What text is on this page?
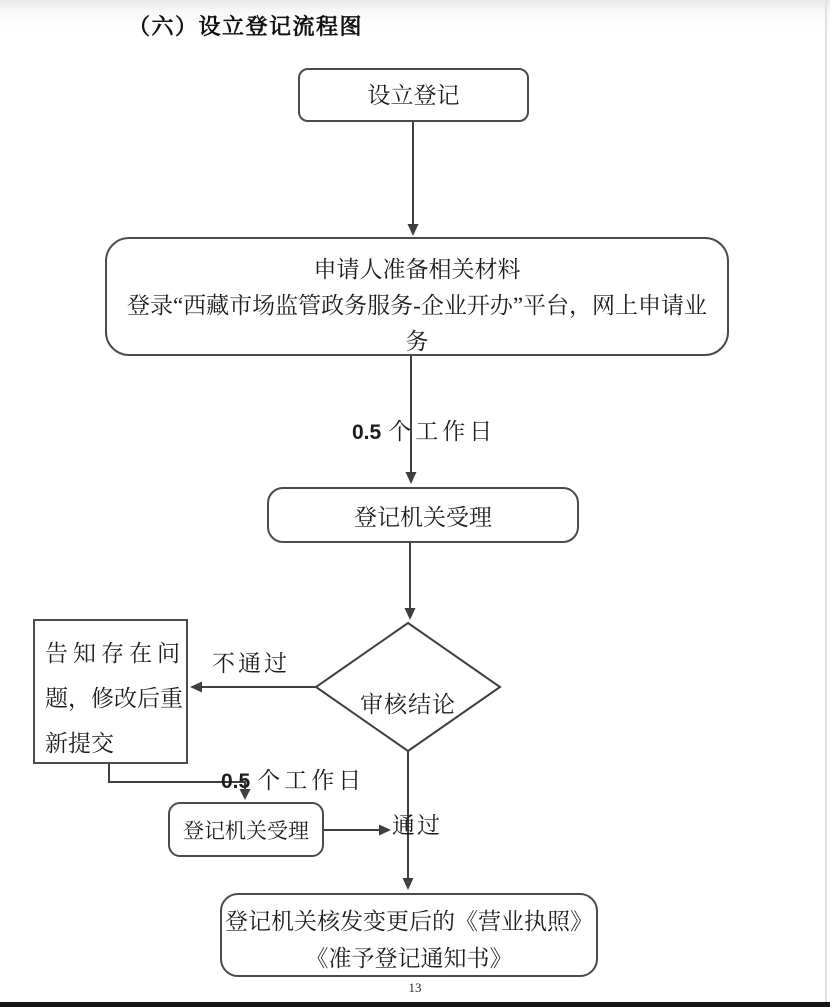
（六）设立登记流程图
设立登记
申请人准备相关材料
登录“西藏市场监管政务服务-企业开办”平台，网上申请业
务
0.5 个工作日
登记机关受理
审核结论
不通过
告知存在问
题，修改后重
新提交
0.5 个工作日
登记机关受理	通过
登记机关核发变更后的《营业执照》
《准予登记通知书》
13
